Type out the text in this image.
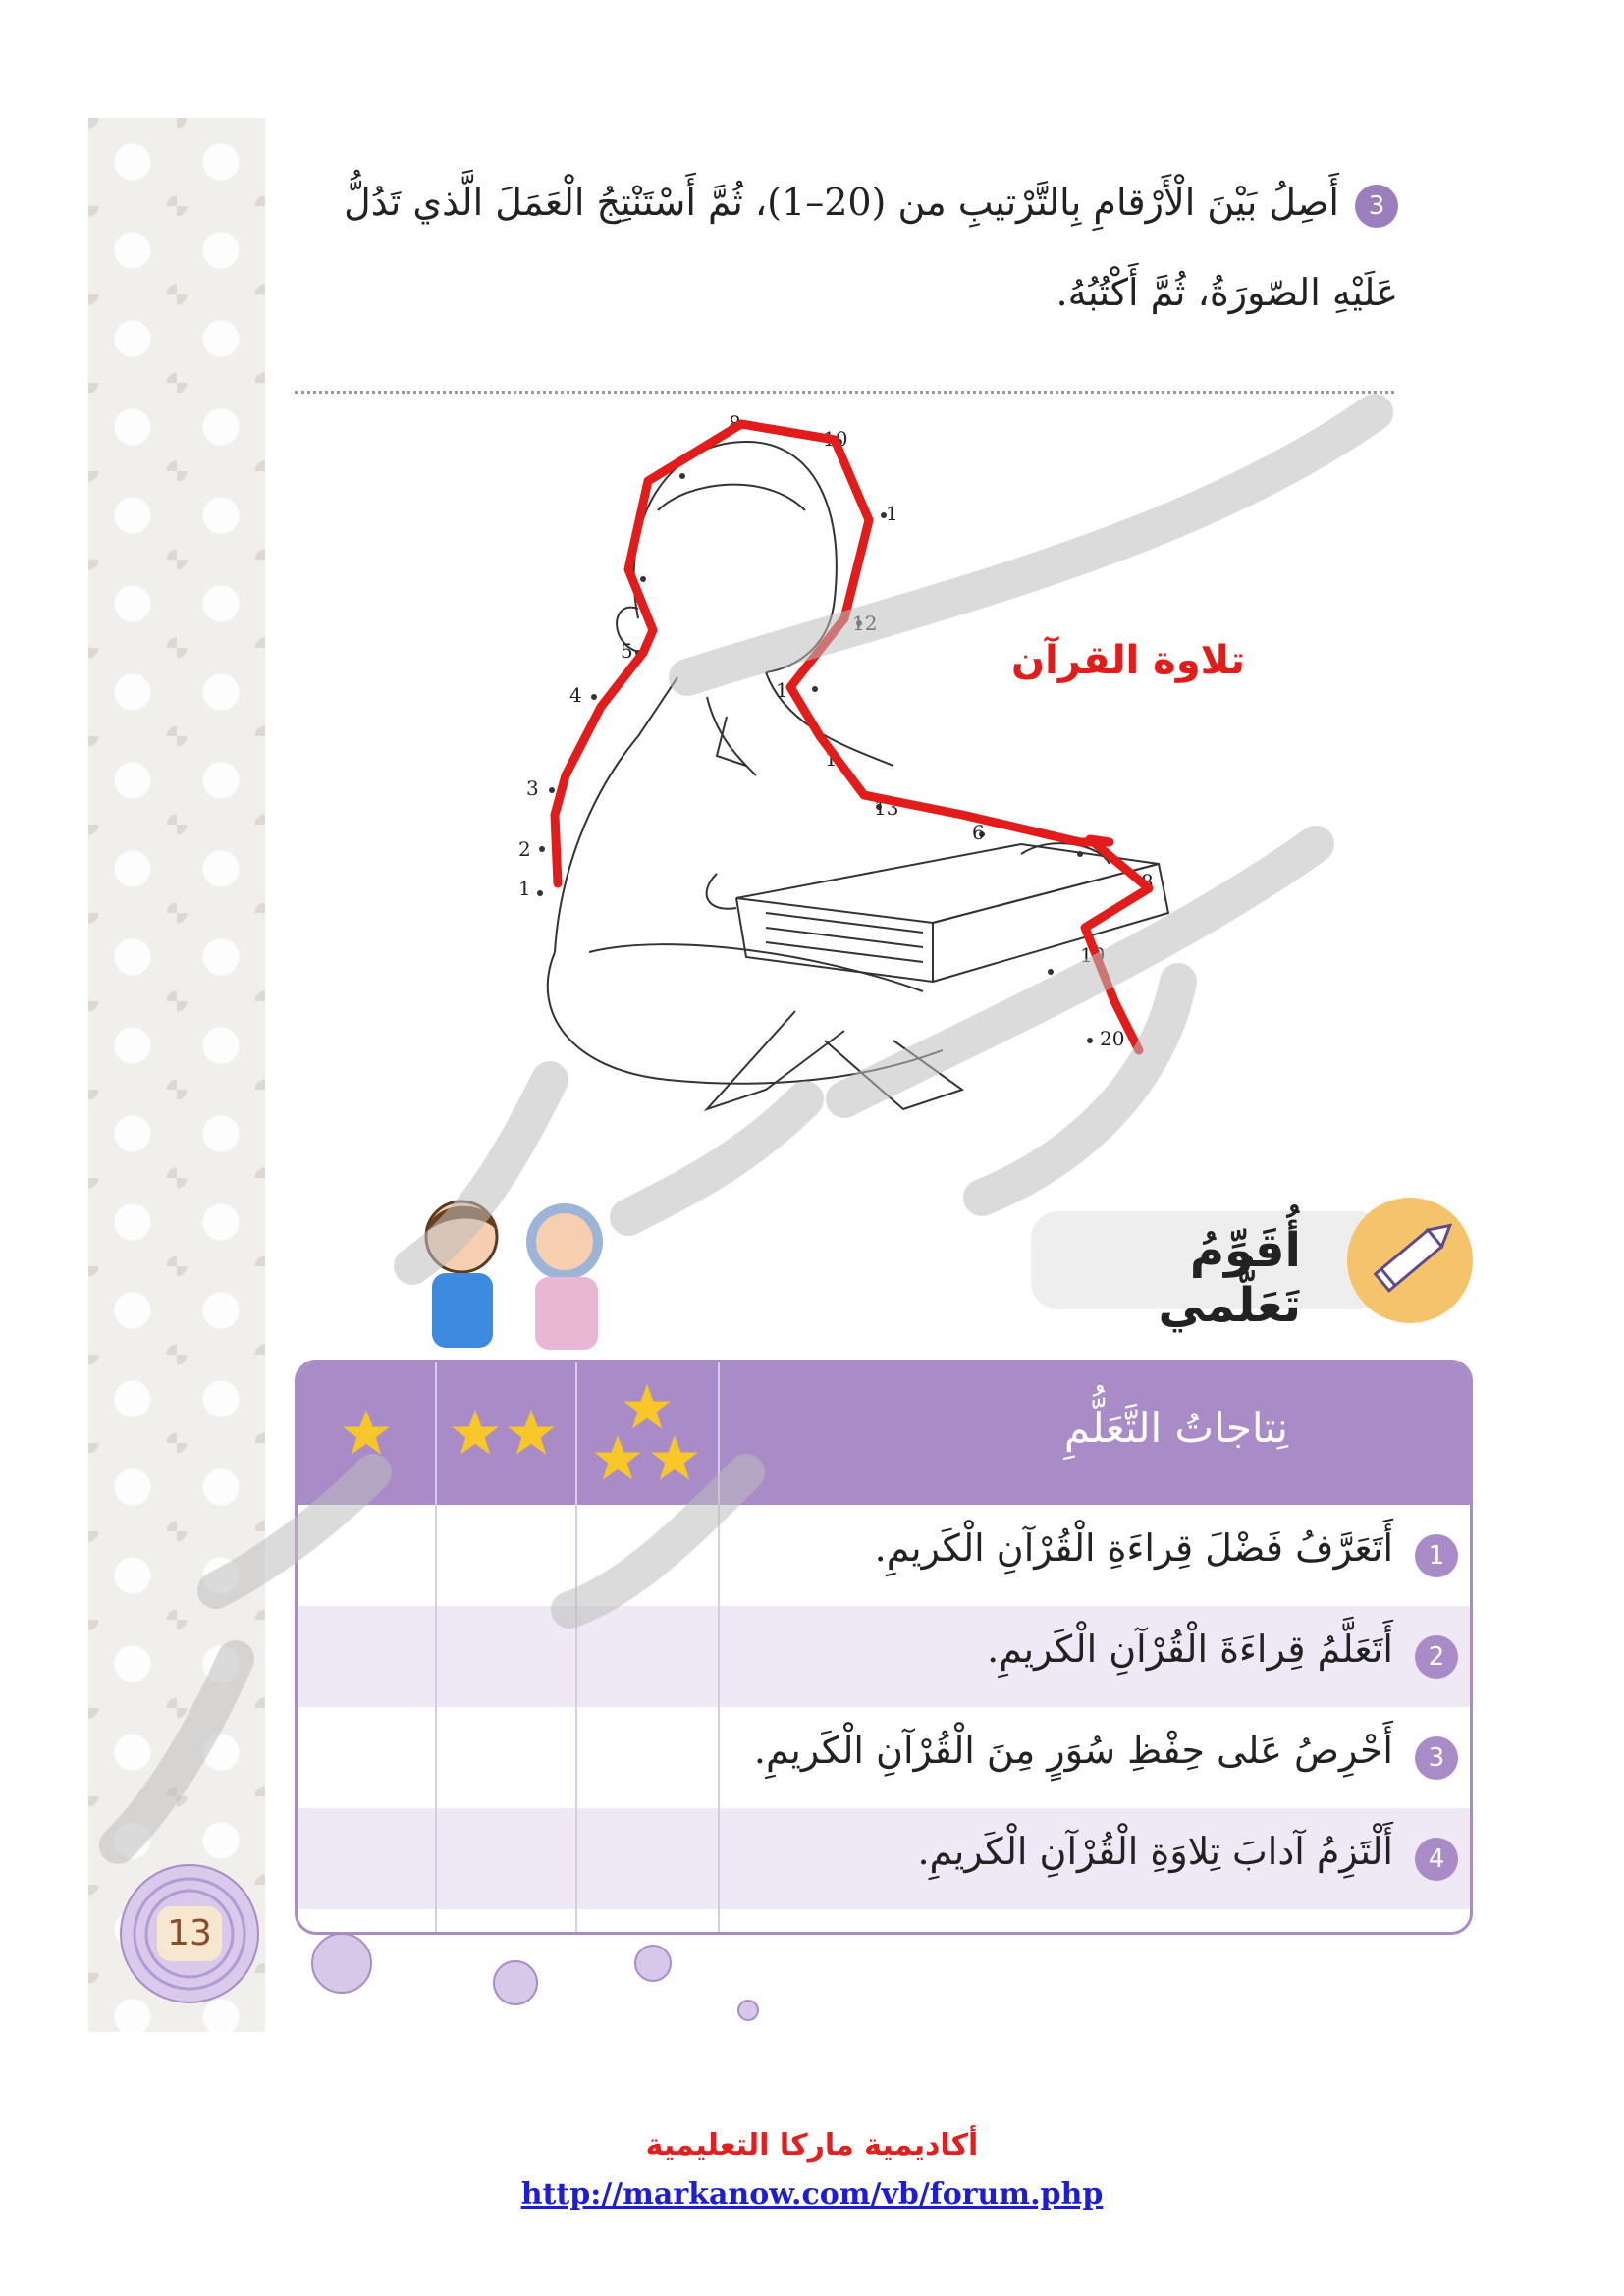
3أَصِلُ بَيْنَ الْأَرْقامِ بِالتَّرْتيبِ من (20–1)، ثُمَّ أَسْتَنْتِجُ الْعَمَلَ الَّذي تَدُلُّ عَلَيْهِ الصّورَةُ، ثُمَّ أَكْتُبُهُ.
1
2
3
4
5
8
10
1
12
1
1
13
6
8
19
20
تلاوة القرآن
أُقَوِّمُ تَعَلُّمي
نِتاجاتُ التَّعَلُّمِ
1
أَتَعَرَّفُ فَضْلَ قِراءَةِ الْقُرْآنِ الْكَريمِ.
2
أَتَعَلَّمُ قِراءَةَ الْقُرْآنِ الْكَريمِ.
3
أَحْرِصُ عَلى حِفْظِ سُوَرٍ مِنَ الْقُرْآنِ الْكَريمِ.
4
أَلْتَزِمُ آدابَ تِلاوَةِ الْقُرْآنِ الْكَريمِ.
13
أكاديمية ماركا التعليمية
http://markanow.com/vb/forum.php
